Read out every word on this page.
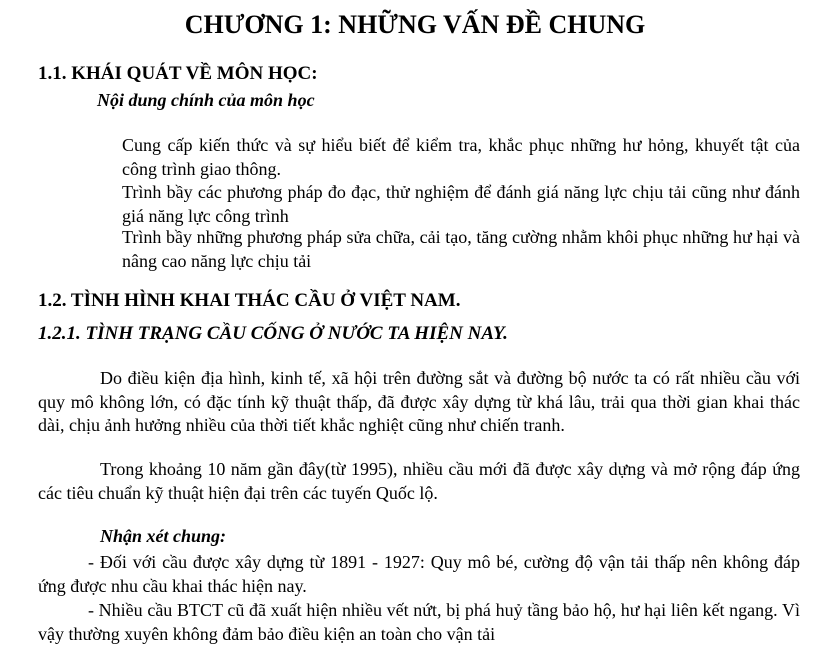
CHƯƠNG 1: NHỮNG VẤN ĐỀ CHUNG
1.1. KHÁI QUÁT VỀ MÔN HỌC:
Nội dung chính của môn học
Cung cấp kiến thức và sự hiểu biết để kiểm tra, khắc phục những hư hỏng, khuyết tật của công trình giao thông.
Trình bầy các phương pháp đo đạc, thử nghiệm để đánh giá năng lực chịu tải cũng như đánh giá năng lực công trình
Trình bầy những phương pháp sửa chữa, cải tạo, tăng cường nhằm khôi phục những hư hại và nâng cao năng lực chịu tải
1.2. TÌNH HÌNH KHAI THÁC CẦU Ở VIỆT NAM.
1.2.1. TÌNH TRẠNG CẦU CỐNG Ở NƯỚC TA HIỆN NAY.
Do điều kiện địa hình, kinh tế, xã hội trên đường sắt và đường bộ nước ta có rất nhiều cầu với quy mô không lớn, có đặc tính kỹ thuật thấp, đã được xây dựng từ khá lâu, trải qua thời gian khai thác dài, chịu ảnh hưởng nhiều của thời tiết khắc nghiệt cũng như chiến tranh.
Trong khoảng 10 năm gần đây(từ 1995), nhiều cầu mới đã được xây dựng và mở rộng đáp ứng các tiêu chuẩn kỹ thuật hiện đại trên các tuyến Quốc lộ.
Nhận xét chung:
- Đối với cầu được xây dựng từ 1891 - 1927: Quy mô bé, cường độ vận tải thấp nên không đáp ứng được nhu cầu khai thác hiện nay.
- Nhiều cầu BTCT cũ đã xuất hiện nhiều vết nứt, bị phá huỷ tầng bảo hộ, hư hại liên kết ngang. Vì vậy thường xuyên không đảm bảo điều kiện an toàn cho vận tải
